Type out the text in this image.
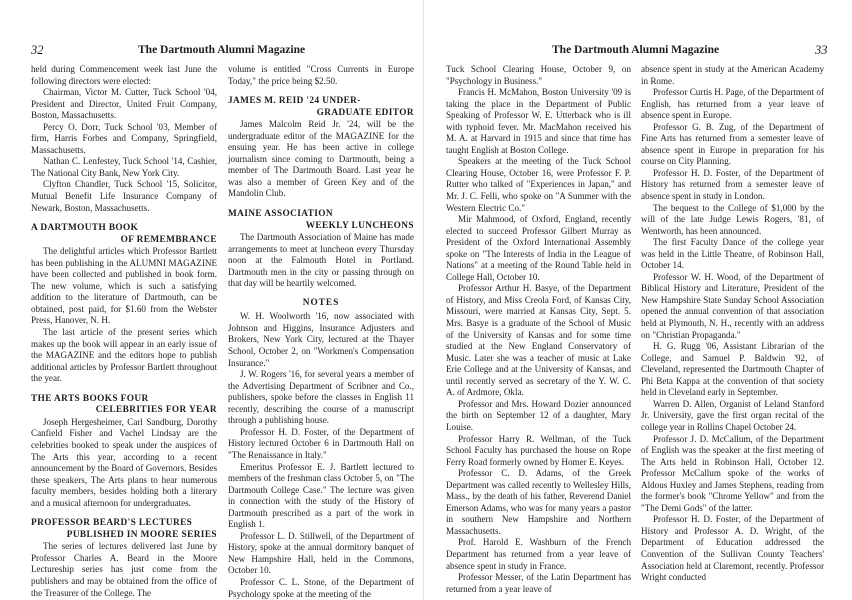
32	The Dartmouth Alumni Magazine

held during Commencement week last June the following directors were elected:

Chairman, Victor M. Cutter, Tuck School '04, President and Director, United Fruit Company, Boston, Massachusetts.

Percy O. Dorr, Tuck School '03, Member of firm, Harris Forbes and Company, Springfield, Massachusetts.

Nathan C. Lenfestey, Tuck School '14, Cashier, The National City Bank, New York City.

Clyfton Chandler, Tuck School '15, Solicitor, Mutual Benefit Life Insurance Company of Newark, Boston, Massachusetts.

A DARTMOUTH BOOK
OF REMEMBRANCE

The delightful articles which Professor Bartlett has been publishing in the ALUMNI MAGAZINE have been collected and published in book form. The new volume, which is such a satisfying addition to the literature of Dartmouth, can be obtained, post paid, for $1.60 from the Webster Press, Hanover, N. H.

The last article of the present series which makes up the book will appear in an early issue of the MAGAZINE and the editors hope to publish additional articles by Professor Bartlett throughout the year.

THE ARTS BOOKS FOUR
CELEBRITIES FOR YEAR

Joseph Hergesheimer, Carl Sandburg, Dorothy Canfield Fisher and Vachel Lindsay are the celebrities booked to speak under the auspices of The Arts this year, according to a recent announcement by the Board of Governors. Besides these speakers, The Arts plans to hear numerous faculty members, besides holding both a literary and a musical afternoon for undergraduates.

PROFESSOR BEARD'S LECTURES
PUBLISHED IN MOORE SERIES

The series of lectures delivered last June by Professor Charles A. Beard in the Moore Lectureship series has just come from the publishers and may be obtained from the office of the Treasurer of the College. The

volume is entitled "Cross Currents in Europe Today," the price being $2.50.

JAMES M. REID '24 UNDER-
GRADUATE EDITOR

James Malcolm Reid Jr. '24, will be the undergraduate editor of the MAGAZINE for the ensuing year. He has been active in college journalism since coming to Dartmouth, being a member of The Dartmouth Board. Last year he was also a member of Green Key and of the Mandolin Club.

MAINE ASSOCIATION
WEEKLY LUNCHEONS

The Dartmouth Association of Maine has made arrangements to meet at luncheon every Thursday noon at the Falmouth Hotel in Portland. Dartmouth men in the city or passing through on that day will be heartily welcomed.

NOTES

W. H. Woolworth '16, now associated with Johnson and Higgins, Insurance Adjusters and Brokers, New York City, lectured at the Thayer School, October 2, on "Workmen's Compensation Insurance."

J. W. Rogers '16, for several years a member of the Advertising Department of Scribner and Co., publishers, spoke before the classes in English 11 recently, describing the course of a manuscript through a publishing house.

Professor H. D. Foster, of the Department of History lectured October 6 in Dartmouth Hall on "The Renaissance in Italy."

Emeritus Professor E. J. Bartlett lectured to members of the freshman class October 5, on "The Dartmouth College Case." The lecture was given in connection with the study of the History of Dartmouth prescribed as a part of the work in English 1.

Professor L. D. Stillwell, of the Department of History, spoke at the annual dormitory banquet of New Hampshire Hall, held in the Commons, October 10.

Professor C. L. Stone, of the Department of Psychology spoke at the meeting of the

The Dartmouth Alumni Magazine	33

Tuck School Clearing House, October 9, on "Psychology in Business."

Francis H. McMahon, Boston University '09 is taking the place in the Department of Public Speaking of Professor W. E. Utterback who is ill with typhoid fever. Mr. MacMahon received his M. A. at Harvard in 1915 and since that time has taught English at Boston College.

Speakers at the meeting of the Tuck School Clearing House, October 16, were Professor F. P. Rutter who talked of "Experiences in Japan," and Mr. J. C. Felli, who spoke on "A Summer with the Western Electric Co."

Mir Mahmood, of Oxford, England, recently elected to succeed Professor Gilbert Murray as President of the Oxford International Assembly spoke on "The Interests of India in the League of Nations" at a meeting of the Round Table held in College Hall, October 10.

Professor Arthur H. Basye, of the Department of History, and Miss Creola Ford, of Kansas City, Missouri, were married at Kansas City, Sept. 5. Mrs. Basye is a graduate of the School of Music of the University of Kansas and for some time studied at the New England Conservatory of Music. Later she was a teacher of music at Lake Erie College and at the University of Kansas, and until recently served as secretary of the Y. W. C. A. of Ardmore, Okla.

Professor and Mrs. Howard Dozier announced the birth on September 12 of a daughter, Mary Louise.

Professor Harry R. Wellman, of the Tuck School Faculty has purchased the house on Rope Ferry Road formerly owned by Homer E. Keyes.

Professor C. D. Adams, of the Greek Department was called recently to Wellesley Hills, Mass., by the death of his father, Reverend Daniel Emerson Adams, who was for many years a pastor in southern New Hampshire and Northern Massachusetts.

Prof. Harold E. Washburn of the French Department has returned from a year leave of absence spent in study in France.

Professor Messer, of the Latin Department has returned from a year leave of

absence spent in study at the American Academy in Rome.

Professor Curtis H. Page, of the Department of English, has returned from a year leave of absence spent in Europe.

Professor G. B. Zug, of the Department of Fine Arts has returned from a semester leave of absence spent in Europe in preparation for his course on City Planning.

Professor H. D. Foster, of the Department of History has returned from a semester leave of absence spent in study in London.

The bequest to the College of $1,000 by the will of the late Judge Lewis Rogers, '81, of Wentworth, has been announced.

The first Faculty Dance of the college year was held in the Little Theatre, of Robinson Hall, October 14.

Professor W. H. Wood, of the Department of Biblical History and Literature, President of the New Hampshire State Sunday School Association opened the annual convention of that association held at Plymouth, N. H., recently with an address on "Christian Propaganda."

H. G. Rugg '06, Assistant Librarian of the College, and Samuel P. Baldwin '92, of Cleveland, represented the Dartmouth Chapter of Phi Beta Kappa at the convention of that society held in Cleveland early in September.

Warren D. Allen, Organist of Leland Stanford Jr. University, gave the first organ recital of the college year in Rollins Chapel October 24.

Professor J. D. McCallum, of the Department of English was the speaker at the first meeting of The Arts held in Robinson Hall, October 12. Professor McCallum spoke of the works of Aldous Huxley and James Stephens, reading from the former's book "Chrome Yellow" and from the "The Demi Gods" of the latter.

Professor H. D. Foster, of the Department of History and Professor A. D. Wright, of the Department of Education addressed the Convention of the Sullivan County Teachers' Association held at Claremont, recently. Professor Wright conducted
